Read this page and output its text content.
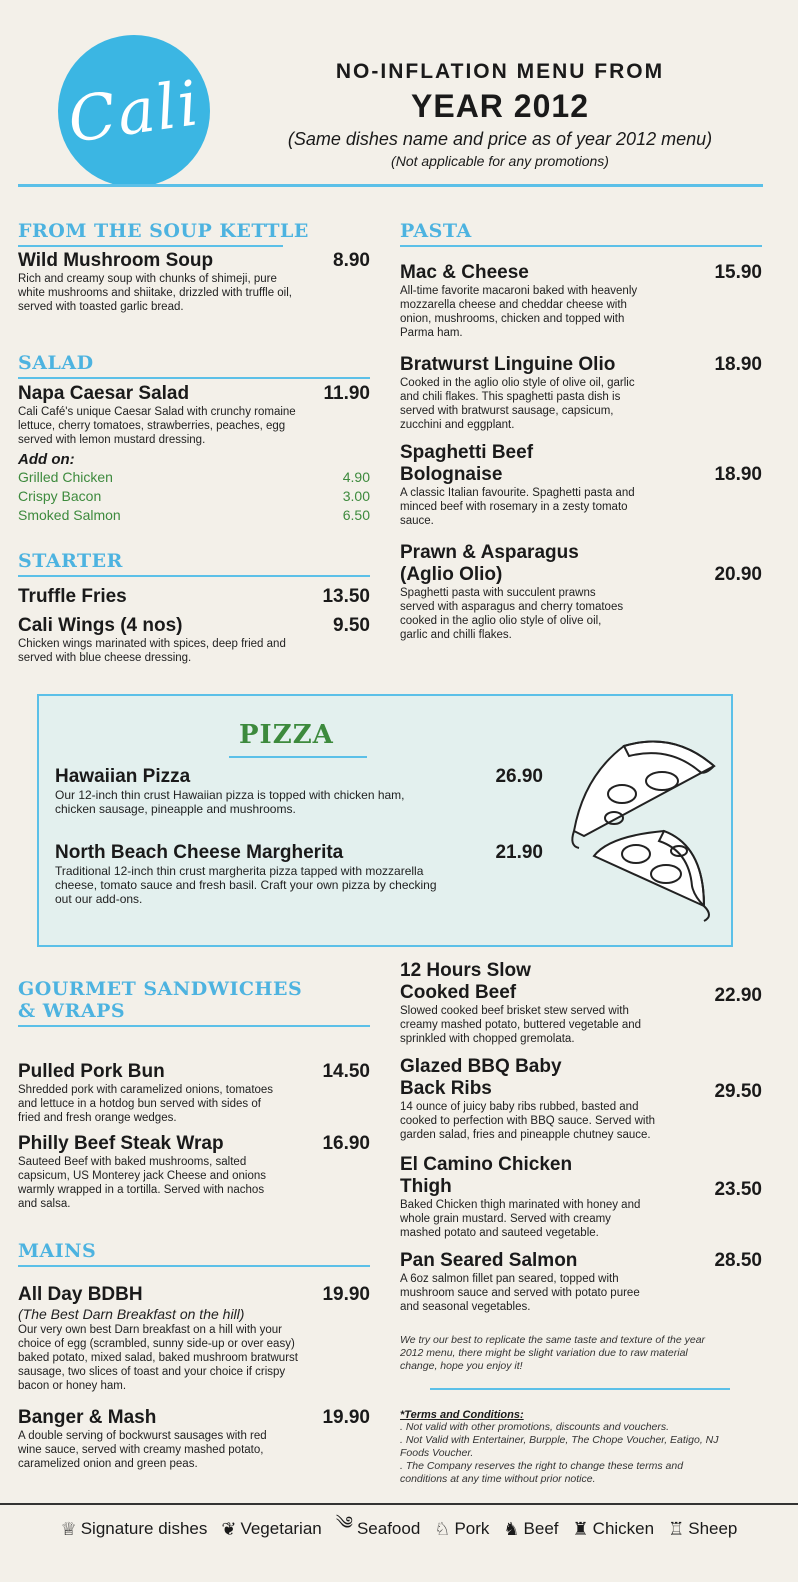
Cali	NO-INFLATION MENU FROM
YEAR 2012
(Same dishes name and price as of year 2012 menu)
(Not applicable for any promotions)
FROM THE SOUP KETTLE
Wild Mushroom Soup	8.90
Rich and creamy soup with chunks of shimeji, pure white mushrooms and shiitake, drizzled with truffle oil, served with toasted garlic bread.
SALAD
Napa Caesar Salad	11.90
Cali Café's unique Caesar Salad with crunchy romaine lettuce, cherry tomatoes, strawberries, peaches, egg served with lemon mustard dressing.
Add on:
Grilled Chicken	4.90
Crispy Bacon	3.00
Smoked Salmon	6.50
STARTER
Truffle Fries	13.50
Cali Wings (4 nos)	9.50
Chicken wings marinated with spices, deep fried and served with blue cheese dressing.
PASTA
Mac & Cheese	15.90
All-time favorite macaroni baked with heavenly mozzarella cheese and cheddar cheese with onion, mushrooms, chicken and topped with Parma ham.
Bratwurst Linguine Olio	18.90
Cooked in the aglio olio style of olive oil, garlic and chili flakes. This spaghetti pasta dish is served with bratwurst sausage, capsicum, zucchini and eggplant.
Spaghetti Beef Bolognaise	18.90
A classic Italian favourite. Spaghetti pasta and minced beef with rosemary in a zesty tomato sauce.
Prawn & Asparagus (Aglio Olio)	20.90
Spaghetti pasta with succulent prawns served with asparagus and cherry tomatoes cooked in the aglio olio style of olive oil, garlic and chilli flakes.
PIZZA
Hawaiian Pizza	26.90
Our 12-inch thin crust Hawaiian pizza is topped with chicken ham, chicken sausage, pineapple and mushrooms.
North Beach Cheese Margherita	21.90
Traditional 12-inch thin crust margherita pizza tapped with mozzarella cheese, tomato sauce and fresh basil. Craft your own pizza by checking out our add-ons.
GOURMET SANDWICHES
& WRAPS
Pulled Pork Bun	14.50
Shredded pork with caramelized onions, tomatoes and lettuce in a hotdog bun served with sides of fried and fresh orange wedges.
Philly Beef Steak Wrap	16.90
Sauteed Beef with baked mushrooms, salted capsicum, US Monterey jack Cheese and onions warmly wrapped in a tortilla. Served with nachos and salsa.
MAINS
All Day BDBH	19.90
(The Best Darn Breakfast on the hill)
Our very own best Darn breakfast on a hill with your choice of egg (scrambled, sunny side-up or over easy) baked potato, mixed salad, baked mushroom bratwurst sausage, two slices of toast and your choice if crispy bacon or honey ham.
Banger & Mash	19.90
A double serving of bockwurst sausages with red wine sauce, served with creamy mashed potato, caramelized onion and green peas.
12 Hours Slow
Cooked Beef	22.90
Slowed cooked beef brisket stew served with creamy mashed potato, buttered vegetable and sprinkled with chopped gremolata.
Glazed BBQ Baby
Back Ribs	29.50
14 ounce of juicy baby ribs rubbed, basted and cooked to perfection with BBQ sauce. Served with garden salad, fries and pineapple chutney sauce.
El Camino Chicken
Thigh	23.50
Baked Chicken thigh marinated with honey and whole grain mustard. Served with creamy mashed potato and sauteed vegetable.
Pan Seared Salmon	28.50
A 6oz salmon fillet pan seared, topped with mushroom sauce and served with potato puree and seasonal vegetables.
We try our best to replicate the same taste and texture of the year 2012 menu, there might be slight variation due to raw material change, hope you enjoy it!
*Terms and Conditions:
. Not valid with other promotions, discounts and vouchers.
. Not Valid with Entertainer, Burpple, The Chope Voucher, Eatigo, NJ Foods Voucher.
. The Company reserves the right to change these terms and conditions at any time without prior notice.
♕ Signature dishes ❦ Vegetarian ༄ Seafood ♘ Pork ♞ Beef ♜ Chicken ♖ Sheep
